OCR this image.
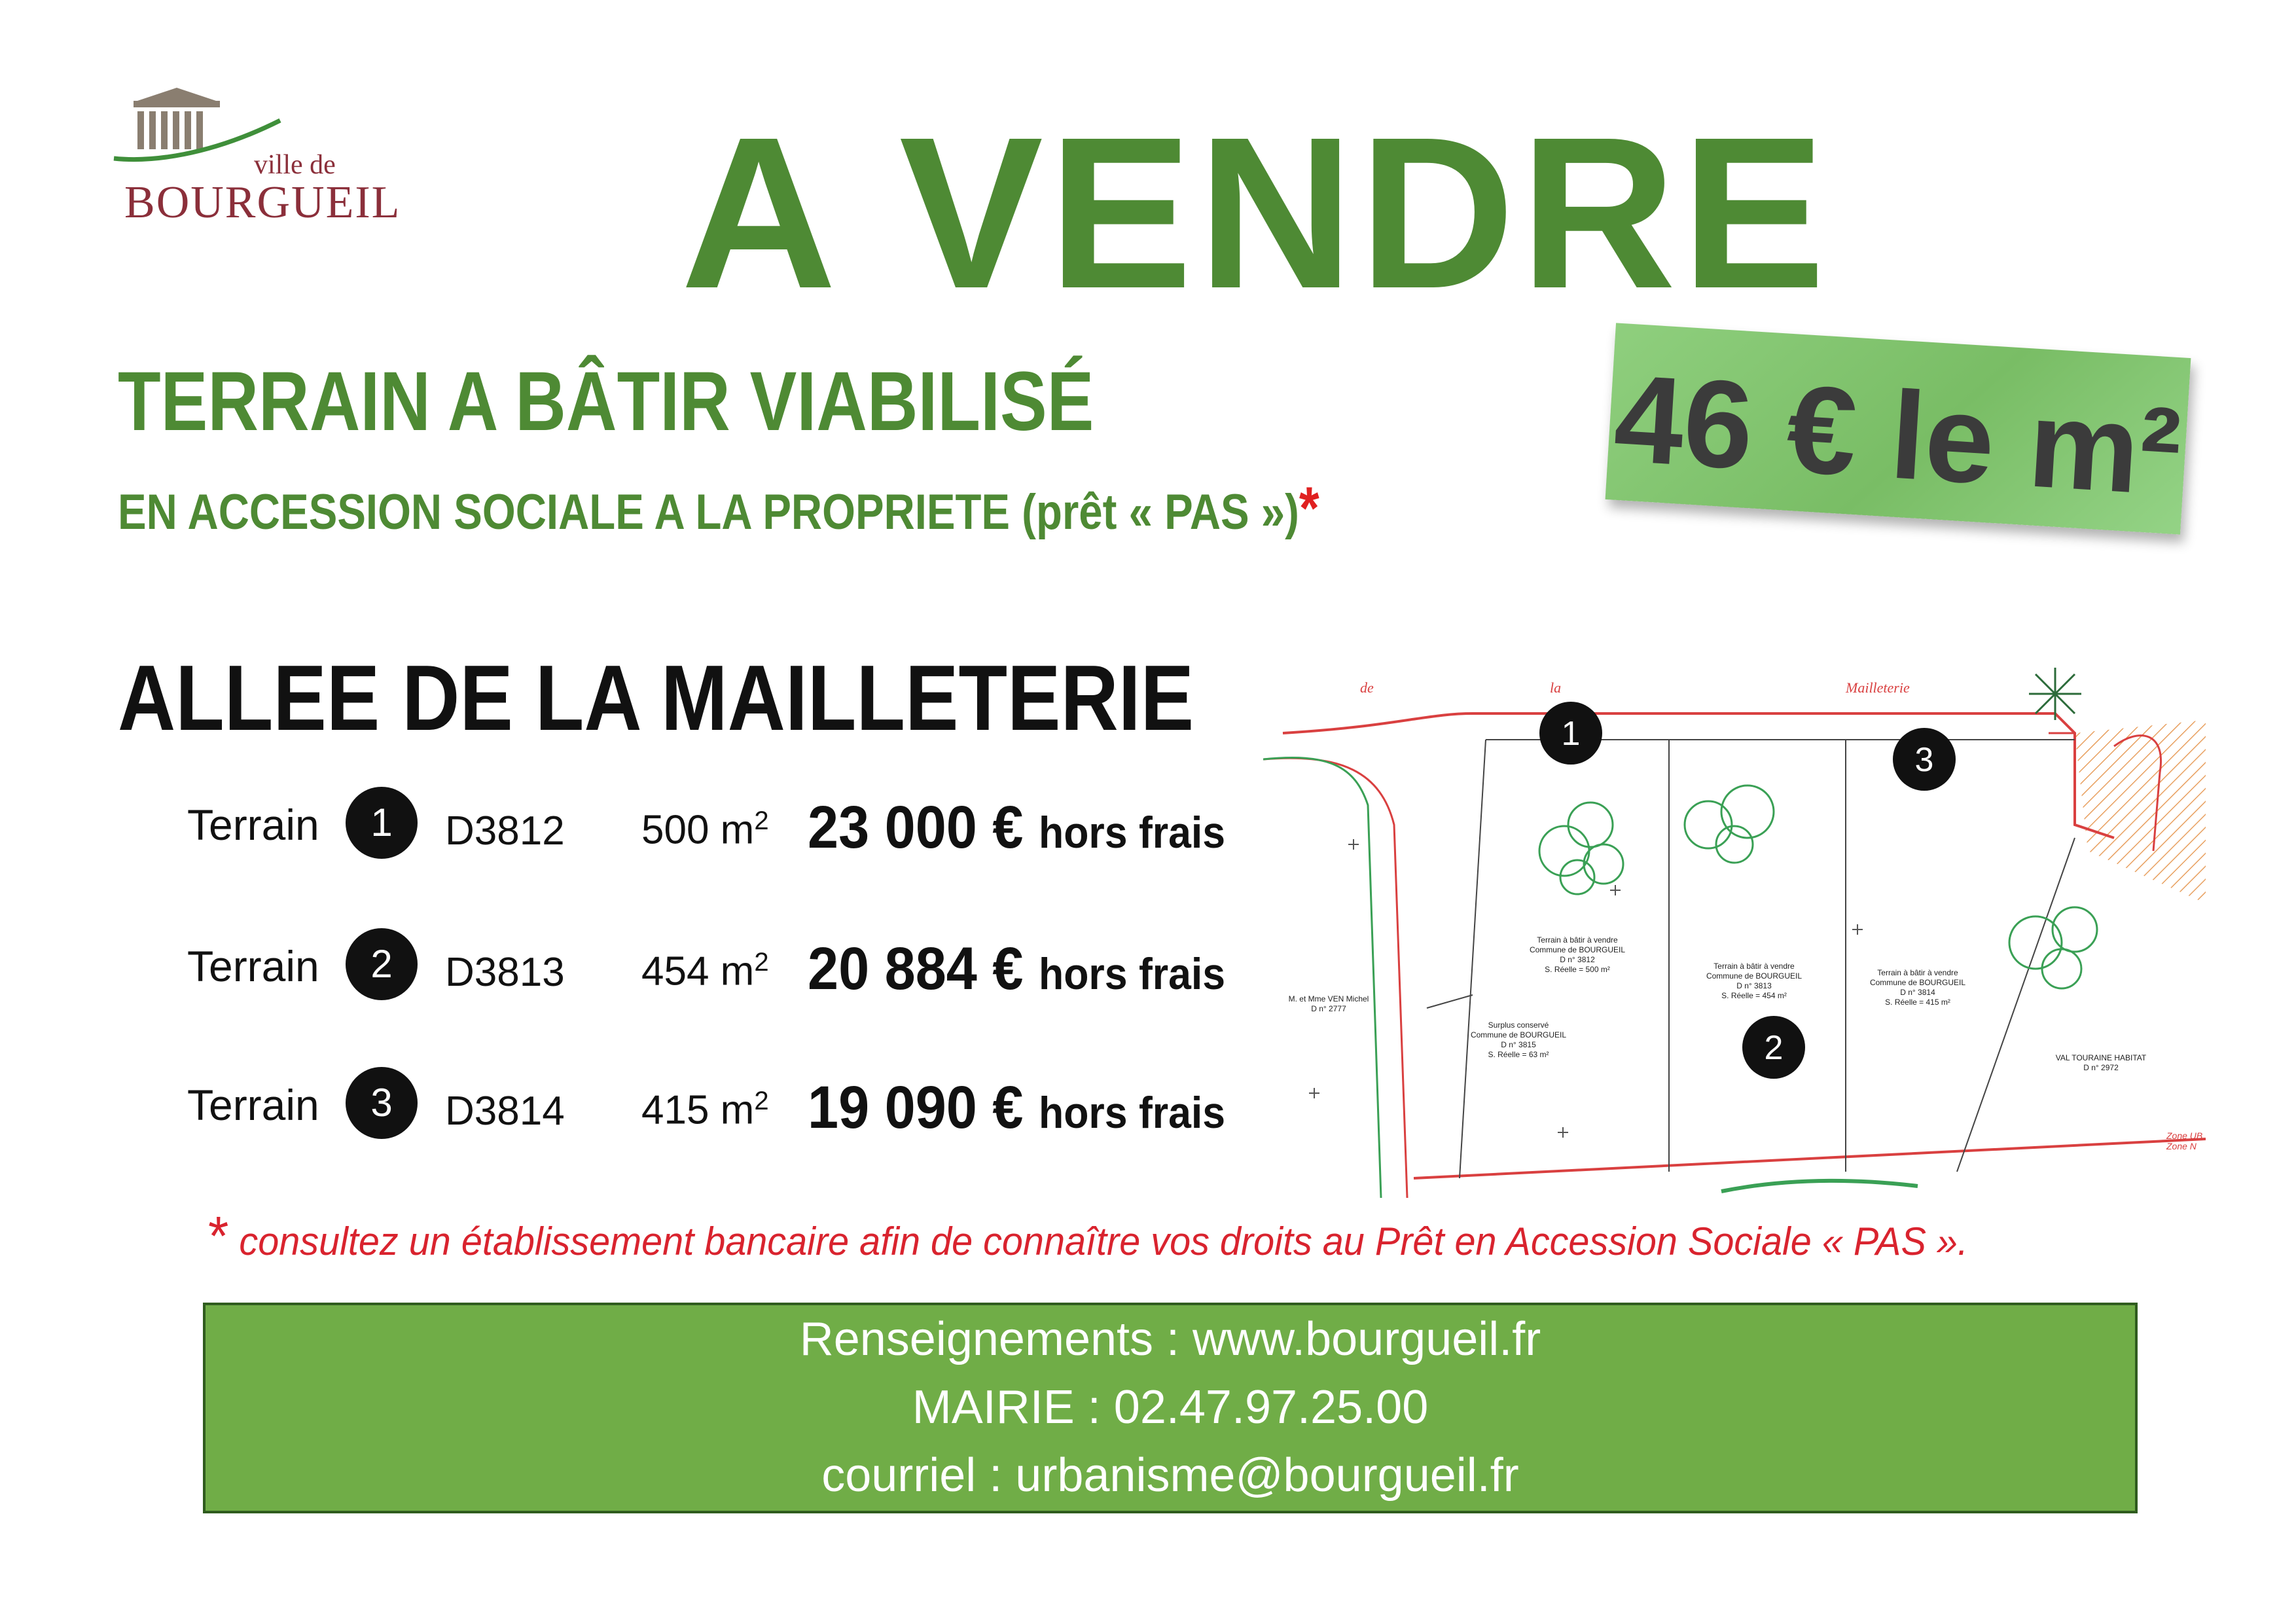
ville de
BOURGUEIL A VENDRE
TERRAIN A BÂTIR VIABILISÉ
EN ACCESSION SOCIALE A LA PROPRIETE (prêt « PAS »)* 46 € le m²
ALLEE DE LA MAILLETERIE
Terrain	1	D3812 500 $m^2$ 23 000 € hors frais
Terrain	2	D3813 454 $m^2$ 20 884 € hors frais
Terrain	3	D3814 415 $m^2$ 19 090 € hors frais
de	la	Mailleterie
1
2
3
Terrain à bâtir à vendre
Commune de BOURGUEIL
D n° 3812
S. Réelle = 500 m²	Terrain à bâtir à vendre
Commune de BOURGUEIL
D n° 3813
S. Réelle = 454 m²
Terrain à bâtir à vendre
Commune de BOURGUEIL
D n° 3814
S. Réelle = 415 m²
Surplus conservé
Commune de BOURGUEIL
D n° 3815
S. Réelle = 63 m²
M. et Mme VEN Michel
D n° 2777
VAL TOURAINE HABITAT
D n° 2972
Zone UB
Zone N
* consultez un établissement bancaire afin de connaître vos droits au Prêt en Accession Sociale « PAS ».
Renseignements : www.bourgueil.fr
MAIRIE : 02.47.97.25.00
courriel : urbanisme@bourgueil.fr
